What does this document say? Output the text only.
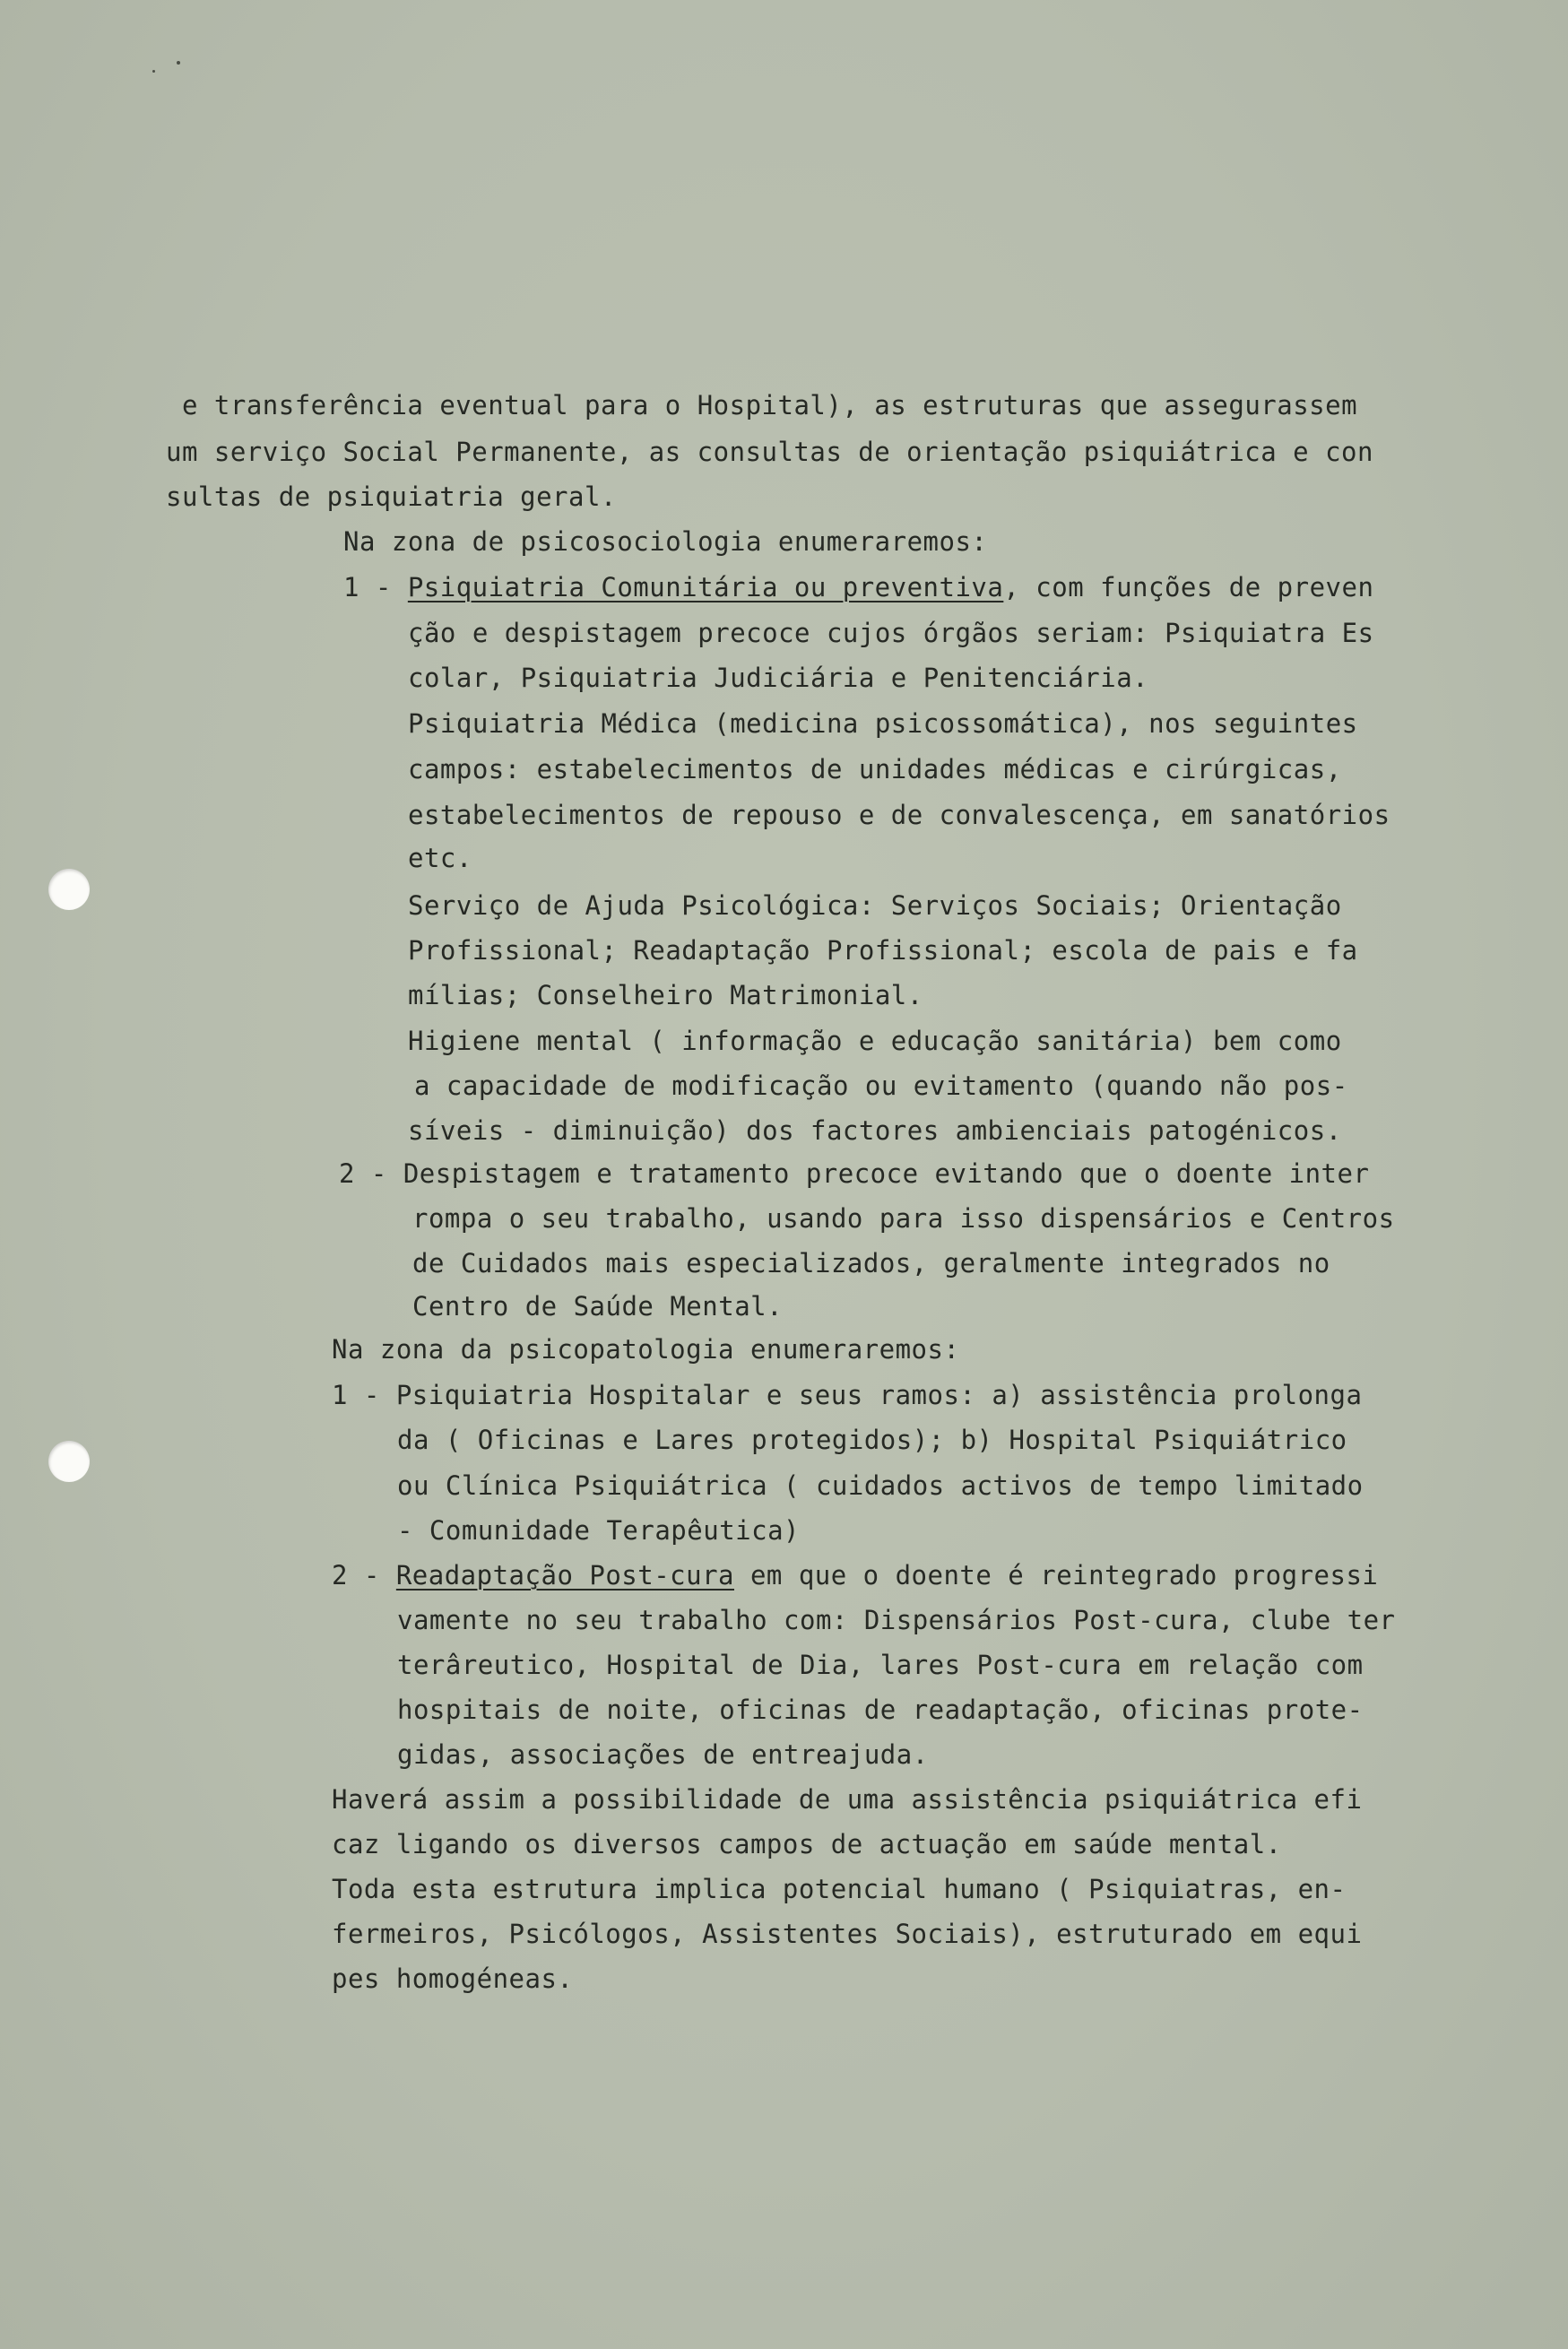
e transferência eventual para o Hospital), as estruturas que assegurassem
um serviço Social Permanente, as consultas de orientação psiquiátrica e con
sultas de psiquiatria geral.
Na zona de psicosociologia enumeraremos:
1 - Psiquiatria Comunitária ou preventiva, com funções de preven
ção e despistagem precoce cujos órgãos seriam: Psiquiatra Es
colar, Psiquiatria Judiciária e Penitenciária.
Psiquiatria Médica (medicina psicossomática), nos seguintes
campos: estabelecimentos de unidades médicas e cirúrgicas,
estabelecimentos de repouso e de convalescença, em sanatórios
etc.
Serviço de Ajuda Psicológica: Serviços Sociais; Orientação
Profissional; Readaptação Profissional; escola de pais e fa
mílias; Conselheiro Matrimonial.
Higiene mental ( informação e educação sanitária) bem como
a capacidade de modificação ou evitamento (quando não pos-
síveis - diminuição) dos factores ambienciais patogénicos.
2 - Despistagem e tratamento precoce evitando que o doente inter
rompa o seu trabalho, usando para isso dispensários e Centros
de Cuidados mais especializados, geralmente integrados no
Centro de Saúde Mental.
Na zona da psicopatologia enumeraremos:
1 - Psiquiatria Hospitalar e seus ramos: a) assistência prolonga
da ( Oficinas e Lares protegidos); b) Hospital Psiquiátrico
ou Clínica Psiquiátrica ( cuidados activos de tempo limitado
- Comunidade Terapêutica)
2 - Readaptação Post-cura em que o doente é reintegrado progressi
vamente no seu trabalho com: Dispensários Post-cura, clube ter
terâreutico, Hospital de Dia, lares Post-cura em relação com
hospitais de noite, oficinas de readaptação, oficinas prote-
gidas, associações de entreajuda.
Haverá assim a possibilidade de uma assistência psiquiátrica efi
caz ligando os diversos campos de actuação em saúde mental.
Toda esta estrutura implica potencial humano ( Psiquiatras, en-
fermeiros, Psicólogos, Assistentes Sociais), estruturado em equi
pes homogéneas.
